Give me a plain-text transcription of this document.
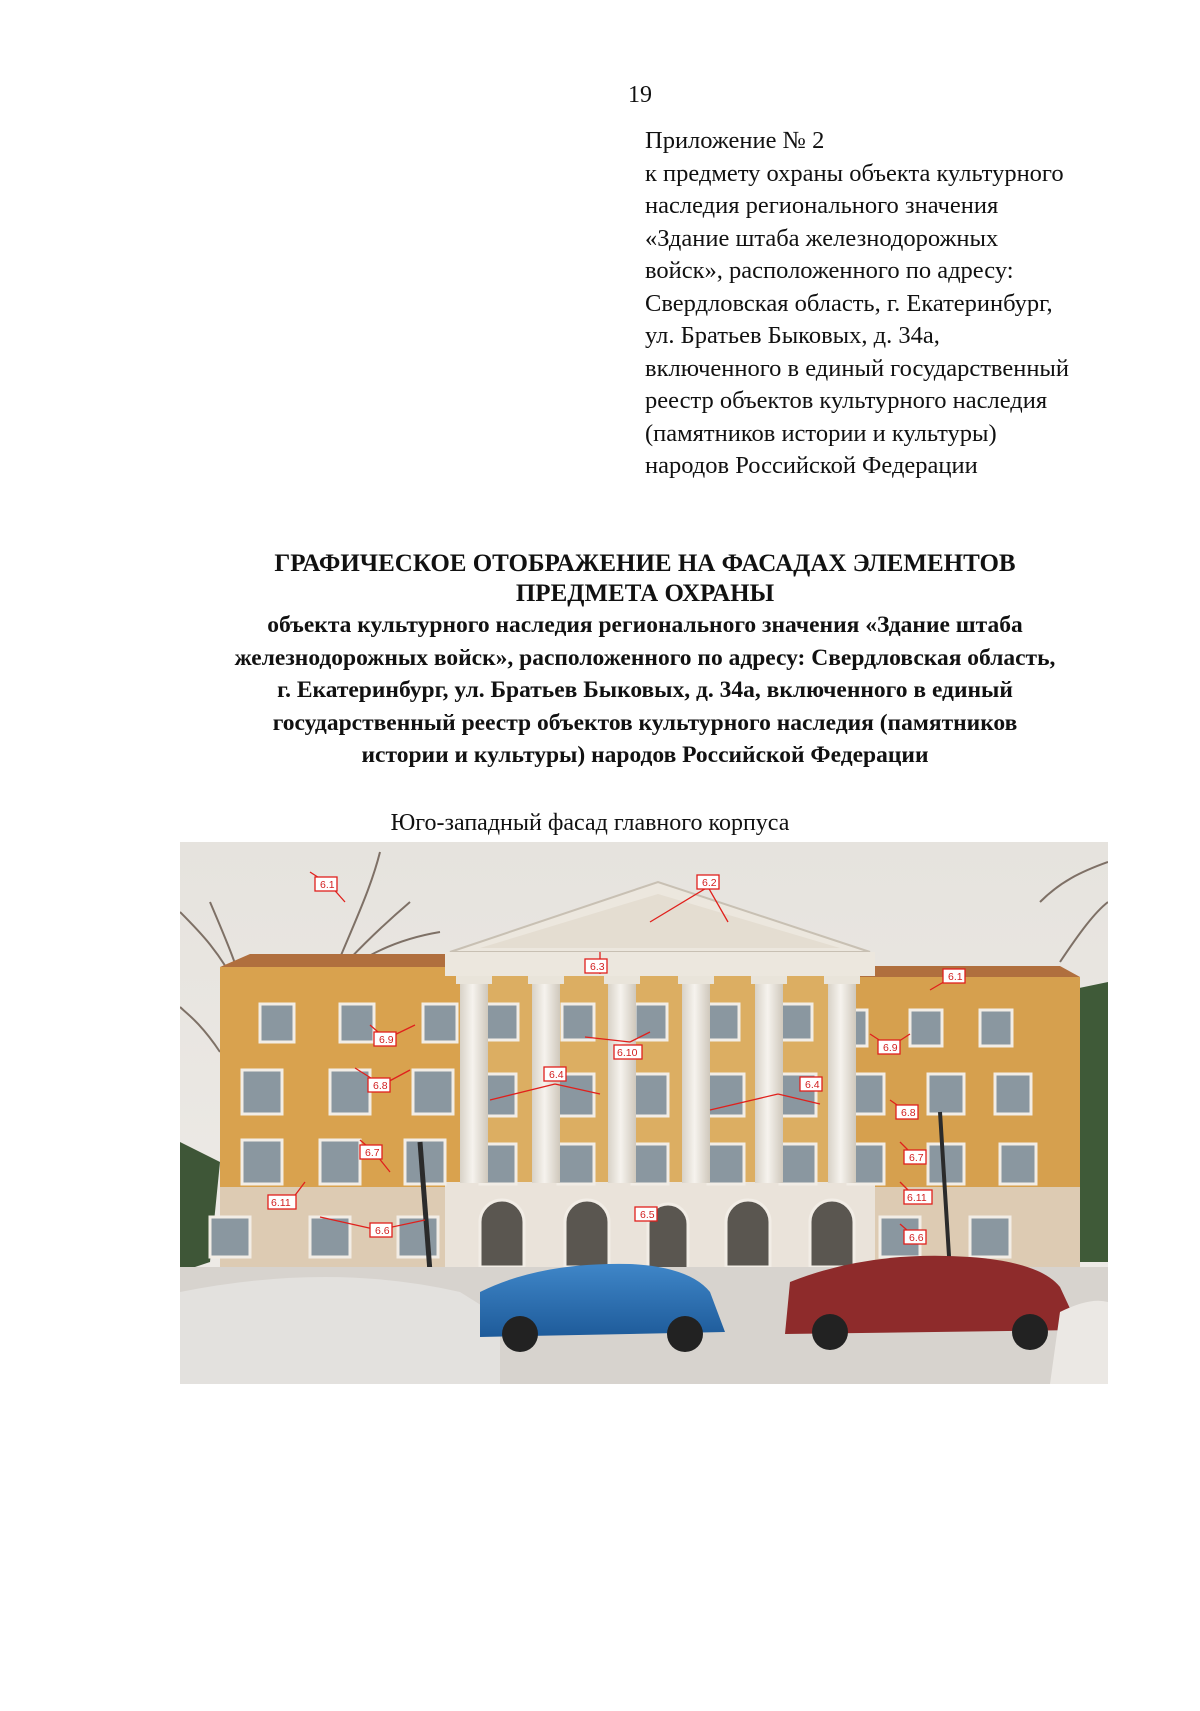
19
Приложение № 2
к предмету охраны объекта культурного
наследия регионального значения
«Здание штаба железнодорожных
войск», расположенного по адресу:
Свердловская область, г. Екатеринбург,
ул. Братьев Быковых, д. 34а,
включенного в единый государственный
реестр объектов культурного наследия
(памятников истории и культуры)
народов Российской Федерации
ГРАФИЧЕСКОЕ ОТОБРАЖЕНИЕ НА ФАСАДАХ ЭЛЕМЕНТОВ
ПРЕДМЕТА ОХРАНЫ
объекта культурного наследия регионального значения «Здание штаба
железнодорожных войск», расположенного по адресу: Свердловская область,
г. Екатеринбург, ул. Братьев Быковых, д. 34а, включенного в единый
государственный реестр объектов культурного наследия (памятников
истории и культуры) народов Российской Федерации
Юго-западный фасад главного корпуса
6.1	6.2
6.3
6.1
6.9
6.10	6.9
6.8
6.4
6.4
6.8
6.7	6.7
6.11	6.11
6.5
6.6
6.6
